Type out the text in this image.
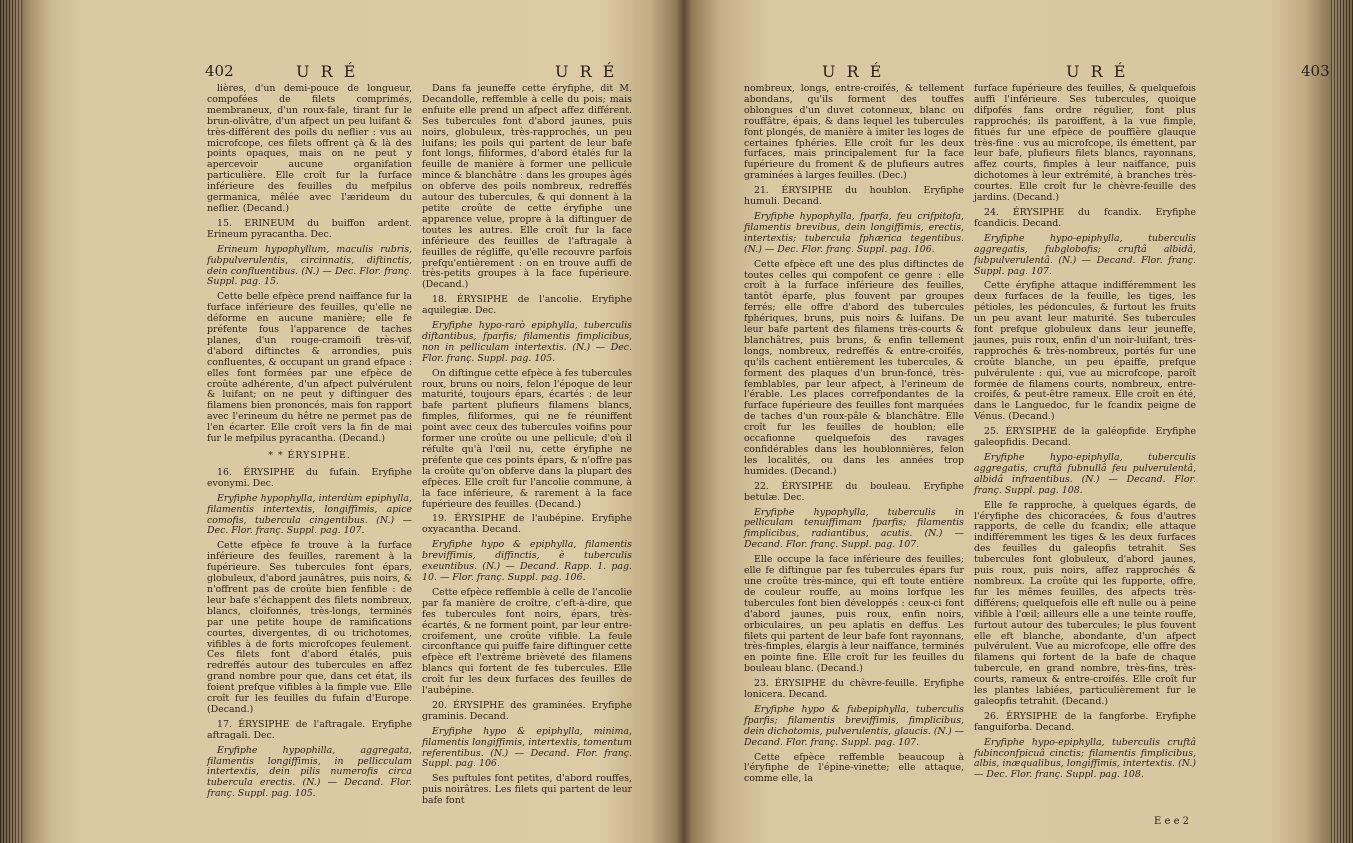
402	U R É	U R É

lières, d'un demi-pouce de longueur, compofées de filets comprimés, membraneux, d'un roux-fale, tirant fur le brun-olivâtre, d'un afpect un peu luifant & très-différent des poils du neflier : vus au microfcope, ces filets offrent çà & là des points opaques, mais on ne peut y apercevoir aucune organifation particulière. Elle croît fur la furface inférieure des feuilles du mefpilus germanica, mêlée avec l'ærideum du neflier. (Decand.)

15. ERINEUM du buiffon ardent. Erineum pyracantha. Dec.

Erineum hypophyllum, maculis rubris, fubpulverulentis, circinnatis, diftinctis, dein confluentibus. (N.) — Dec. Flor. franç. Suppl. pag. 15.

Cette belle efpèce prend naiffance fur la furface inférieure des feuilles, qu'elle ne déforme en aucune manière; elle fe préfente fous l'apparence de taches planes, d'un rouge-cramoifi très-vif, d'abord diftinctes & arrondies, puis confluentes, & occupant un grand efpace : elles font formées par une efpèce de croûte adhérente, d'un afpect pulvérulent & luifant; on ne peut y diftinguer des filamens bien prononcés, mais fon rapport avec l'erineum du hêtre ne permet pas de l'en écarter. Elle croît vers la fin de mai fur le mefpilus pyracantha. (Decand.)

* * ÉRYSIPHE.

16. ÉRYSIPHE du fufain. Eryfiphe evonymi. Dec.

Eryfiphe hypophylla, interdùm epiphylla, filamentis intertextis, longiffimis, apice comofis, tubercula cingentibus. (N.) — Dec. Flor. franç. Suppl. pag. 107.

Cette efpèce fe trouve à la furface inférieure des feuilles, rarement à la fupérieure. Ses tubercules font épars, globuleux, d'abord jaunâtres, puis noirs, & n'offrent pas de croûte bien fenfible : de leur bafe s'échappent des filets nombreux, blancs, cloifonnés, très-longs, terminés par une petite houpe de ramifications courtes, divergentes, di ou trichotomes, vifibles à de forts microfcopes feulement. Ces filets font d'abord étalés, puis redreffés autour des tubercules en affez grand nombre pour que, dans cet état, ils foient prefque vifibles à la fimple vue. Elle croît fur les feuilles du fufain d'Europe. (Decand.)

17. ÉRYSIPHE de l'aftragale. Eryfiphe aftragali. Dec.

Eryfiphe hypophilla, aggregata, filamentis longiffimis, in pellicculam intertextis, dein pilis numerofis circa tubercula erectis. (N.) — Decand. Flor. franç. Suppl. pag. 105.

Dans fa jeuneffe cette éryfiphe, dit M. Decandolle, reffemble à celle du pois; mais enfuite elle prend un afpect affez différent. Ses tubercules font d'abord jaunes, puis noirs, globuleux, très-rapprochés, un peu luifans; les poils qui partent de leur bafe font longs, filiformes, d'abord étalés fur la feuille de manière à former une pellicule mince & blanchâtre : dans les groupes âgés on obferve des poils nombreux, redreffés autour des tubercules, & qui donnent à la petite croûte de cette éryfiphe une apparence velue, propre à la diftinguer de toutes les autres. Elle croît fur la face inférieure des feuilles de l'aftragale à feuilles de régliffe, qu'elle recouvre parfois prefqu'entièrement : on en trouve auffi de très-petits groupes à la face fupérieure. (Decand.)

18. ÉRYSIPHE de l'ancolie. Eryfiphe aquilegiæ. Dec.

Eryfiphe hypo-rarò epiphylla, tuberculis diftantibus, fparfis; filamentis fimplicibus, non in pelliculam intertextis. (N.) — Dec. Flor. franç. Suppl. pag. 105.

On diftingue cette efpèce à fes tubercules roux, bruns ou noirs, felon l'époque de leur maturité, toujours épars, écartés : de leur bafe partent plufieurs filamens blancs, fimples, filiformes, qui ne fe réuniffent point avec ceux des tubercules voifins pour former une croûte ou une pellicule; d'où il réfulte qu'à l'œil nu, cette éryfiphe ne préfente que ces points épars, & n'offre pas la croûte qu'on obferve dans la plupart des efpèces. Elle croît fur l'ancolie commune, à la face inférieure, & rarement à la face fupérieure des feuilles. (Decand.)

19. ÉRYSIPHE de l'aubépine. Eryfiphe oxyacantha. Decand.

Eryfiphe hypo & epiphylla, filamentis breviffimis, diffinctis, è tuberculis exeuntibus. (N.) — Decand. Rapp. 1. pag. 10. — Flor. franç. Suppl. pag. 106.

Cette efpèce reffemble à celle de l'ancolie par fa manière de croître, c'eft-à-dire, que fes tubercules font noirs, épars, très-écartés, & ne forment point, par leur entre-croifement, une croûte vifible. La feule circonftance qui puiffe faire diftinguer cette efpèce eft l'extrême brièveté des filamens blancs qui fortent de fes tubercules. Elle croît fur les deux furfaces des feuilles de l'aubépine.

20. ÉRYSIPHE des graminées. Eryfiphe graminis. Decand.

Eryfiphe hypo & epiphylla, minima, filamentis longiffimis, intertextis, tomentum referentibus. (N.) — Decand. Flor. franç. Suppl. pag. 106.

Ses puftules font petites, d'abord rouffes, puis noirâtres. Les filets qui partent de leur bafe font

U R É	U R É	403

nombreux, longs, entre-croifés, & tellement abondans, qu'ils forment des touffes oblongues d'un duvet cotonneux, blanc ou rouffâtre, épais, & dans lequel les tubercules font plongés, de manière à imiter les loges de certaines fphéries. Elle croît fur les deux furfaces, mais principalement fur la face fupérieure du froment & de plufieurs autres graminées à larges feuilles. (Dec.)

21. ÉRYSIPHE du houblon. Eryfiphe humuli. Decand.

Eryfiphe hypophylla, fparfa, feu crifpitofa, filamentis brevibus, dein longiffimis, erectis, intertextis; tubercula fphærica tegentibus. (N.) — Dec. Flor. franç. Suppl. pag. 106.

Cette efpèce eft une des plus diftinctes de toutes celles qui compofent ce genre : elle croît à la furface inférieure des feuilles, tantôt éparfe, plus fouvent par groupes ferrés; elle offre d'abord des tubercules fphériques, bruns, puis noirs & luifans. De leur bafe partent des filamens très-courts & blanchâtres, puis bruns, & enfin tellement longs, nombreux, redreffés & entre-croifés, qu'ils cachent entièrement les tubercules, & forment des plaques d'un brun-foncé, très-femblables, par leur afpect, à l'erineum de l'érable. Les places correfpondantes de la furface fupérieure des feuilles font marquées de taches d'un roux-pâle & blanchâtre. Elle croît fur les feuilles de houblon; elle occafionne quelquefois des ravages confidérables dans les houblonnières, felon les localités, ou dans les années trop humides. (Decand.)

22. ÉRYSIPHE du bouleau. Eryfiphe betulæ. Dec.

Eryfiphe hypophylla, tuberculis in pelliculam tenuiffimam fparfis; filamentis fimplicibus, radiantibus, acutis. (N.) — Decand. Flor. franç. Suppl. pag. 107.

Elle occupe la face inférieure des feuilles; elle fe diftingue par fes tubercules épars fur une croûte très-mince, qui eft toute entière de couleur rouffe, au moins lorfque les tubercules font bien développés : ceux-ci font d'abord jaunes, puis roux, enfin noirs, orbiculaires, un peu aplatis en deffus. Les filets qui partent de leur bafe font rayonnans, très-fimples, élargis à leur naiffance, terminés en pointe fine. Elle croît fur les feuilles du bouleau blanc. (Decand.)

23. ÉRYSIPHE du chèvre-feuille. Eryfiphe lonicera. Decand.

Eryfiphe hypo & fubepiphylla, tuberculis fparfis; filamentis breviffimis, fimplicibus, dein dichotomis, pulverulentis, glaucis. (N.) — Decand. Flor. franç. Suppl. pag. 107.

Cette efpèce reffemble beaucoup à l'éryfiphe de l'épine-vinette; elle attaque, comme elle, la

furface fupérieure des feuilles, & quelquefois auffi l'inférieure. Ses tubercules, quoique difpofés fans ordre régulier, font plus rapprochés; ils paroiffent, à la vue fimple, fitués fur une efpèce de pouffière glauque très-fine : vus au microfcope, ils émettent, par leur bafe, plufieurs filets blancs, rayonnans, affez courts, fimples à leur naiffance, puis dichotomes à leur extrémité, à branches très-courtes. Elle croît fur le chèvre-feuille des jardins. (Decand.)

24. ÉRYSIPHE du fcandix. Eryfiphe fcandicis. Decand.

Eryfiphe hypo-epiphylla, tuberculis aggregatis, fubglobofis; cruftâ albidâ, fubpulverulentâ. (N.) — Decand. Flor. franç. Suppl. pag. 107.

Cette éryfiphe attaque indifféremment les deux furfaces de la feuille, les tiges, les pétioles, les pédoncules, & furtout les fruits un peu avant leur maturité. Ses tubercules font prefque globuleux dans leur jeuneffe, jaunes, puis roux, enfin d'un noir-luifant, très-rapprochés & très-nombreux, portés fur une croûte blanche, un peu épaiffe, prefque pulvérulente : qui, vue au microfcope, paroît formée de filamens courts, nombreux, entre-croifés, & peut-être rameux. Elle croît en été, dans le Languedoc, fur le fcandix peigne de Vénus. (Decand.)

25. ÉRYSIPHE de la galéopfide. Eryfiphe galeopfidis. Decand.

Eryfiphe hypo-epiphylla, tuberculis aggregatis, cruftâ fubnullâ feu pulverulentâ, albidâ infraentibus. (N.) — Decand. Flor. franç. Suppl. pag. 108.

Elle fe rapproche, à quelques égards, de l'éryfiphe des chicoracées, & fous d'autres rapports, de celle du fcandix; elle attaque indifféremment les tiges & les deux furfaces des feuilles du galeopfis tetrahit. Ses tubercules font globuleux, d'abord jaunes, puis roux, puis noirs, affez rapprochés & nombreux. La croûte qui les fupporte, offre, fur les mêmes feuilles, des afpects très-différens; quelquefois elle eft nulle ou à peine vifible à l'œil; ailleurs elle a une teinte rouffe, furtout autour des tubercules; le plus fouvent elle eft blanche, abondante, d'un afpect pulvérulent. Vue au microfcope, elle offre des filamens qui fortent de la bafe de chaque tubercule, en grand nombre, très-fins, très-courts, rameux & entre-croifés. Elle croît fur les plantes labiées, particulièrement fur le galeopfis tetrahit. (Decand.)

26. ÉRYSIPHE de la fangforbe. Eryfiphe fanguiforba. Decand.

Eryfiphe hypo-epiphylla, tuberculis cruftâ fubinconfpicuâ cinctis; filamentis fimplicibus, albis, inæqualibus, longiffimis, intertextis. (N.) — Dec. Flor. franç. Suppl. pag. 108.

E e e 2
